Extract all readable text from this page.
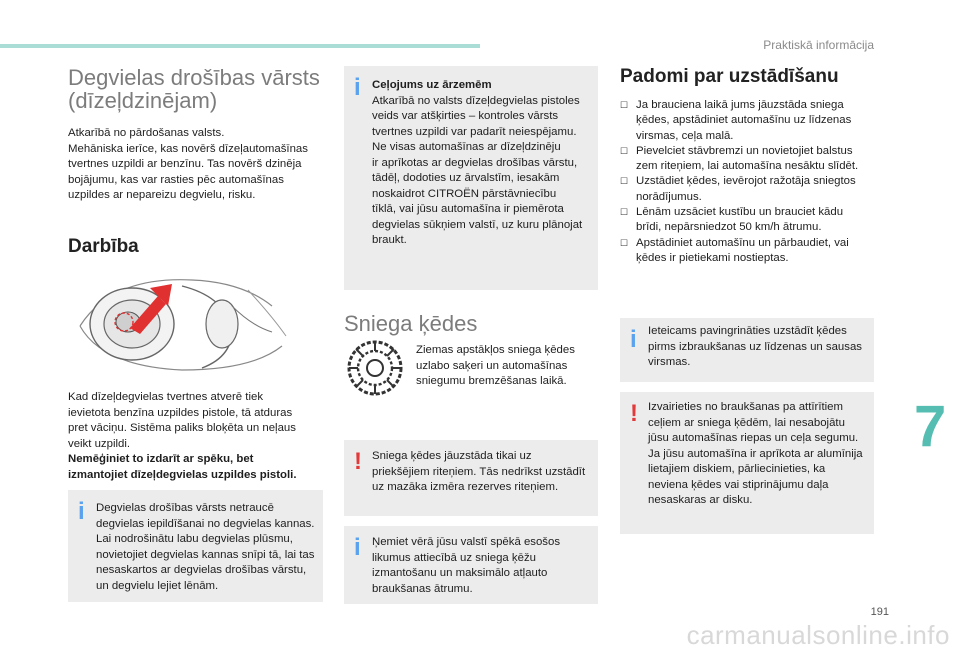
Praktiskā informācija
Degvielas drošības vārsts
(dīzeļdzinējam)

Atkarībā no pārdošanas valsts.

Mehāniska ierīce, kas novērš dīzeļautomašīnas

tvertnes uzpildi ar benzīnu. Tas novērš dzinēja

bojājumu, kas var rasties pēc automašīnas

uzpildes ar nepareizu degvielu, risku.

Darbība

Kad dīzeļdegvielas tvertnes atverē tiek

ievietota benzīna uzpildes pistole, tā atduras

pret vāciņu. Sistēma paliks bloķēta un neļaus

veikt uzpildi.

Nemēģiniet to izdarīt ar spēku, bet

izmantojiet dīzeļdegvielas uzpildes pistoli.

i Degvielas drošības vārsts netraucē

degvielas iepildīšanai no degvielas kannas.

Lai nodrošinātu labu degvielas plūsmu,

novietojiet degvielas kannas snīpi tā, lai tas

nesaskartos ar degvielas drošības vārstu,

un degvielu lejiet lēnām.

i Ceļojums uz ārzemēm

Atkarībā no valsts dīzeļdegvielas pistoles

veids var atšķirties – kontroles vārsts

tvertnes uzpildi var padarīt neiespējamu.

Ne visas automašīnas ar dīzeļdzinēju

ir aprīkotas ar degvielas drošības vārstu,

tādēļ, dodoties uz ārvalstīm, iesakām

noskaidrot CITROËN pārstāvniecību

tīklā, vai jūsu automašīna ir piemērota

degvielas sūkņiem valstī, uz kuru plānojat

braukt.

Sniega ķēdes

Ziemas apstākļos sniega ķēdes

uzlabo saķeri un automašīnas

sniegumu bremzēšanas laikā.

! Sniega ķēdes jāuzstāda tikai uz

priekšējiem riteņiem. Tās nedrīkst uzstādīt

uz mazāka izmēra rezerves riteņiem.

i Ņemiet vērā jūsu valstī spēkā esošos

likumus attiecībā uz sniega ķēžu

izmantošanu un maksimālo atļauto

braukšanas ātrumu.

Padomi par uzstādīšanu
☐ Ja brauciena laikā jums jāuzstāda sniega
ķēdes, apstādiniet automašīnu uz līdzenas
virsmas, ceļa malā.
☐ Pievelciet stāvbremzi un novietojiet balstus
zem riteņiem, lai automašīna nesāktu slīdēt.
☐ Uzstādiet ķēdes, ievērojot ražotāja sniegtos
norādījumus.
☐ Lēnām uzsāciet kustību un brauciet kādu
brīdi, nepārsniedzot 50 km/h ātrumu.
☐ Apstādiniet automašīnu un pārbaudiet, vai
ķēdes ir pietiekami nostieptas.
i Ieteicams pavingrināties uzstādīt ķēdes

pirms izbraukšanas uz līdzenas un sausas

virsmas.

! Izvairieties no braukšanas pa attīrītiem

ceļiem ar sniega ķēdēm, lai nesabojātu

jūsu automašīnas riepas un ceļa segumu.

Ja jūsu automašīna ir aprīkota ar alumīnija

lietajiem diskiem, pārliecinieties, ka

neviena ķēdes vai stiprinājumu daļa

nesaskaras ar disku.

7
191
carmanualsonline.info
